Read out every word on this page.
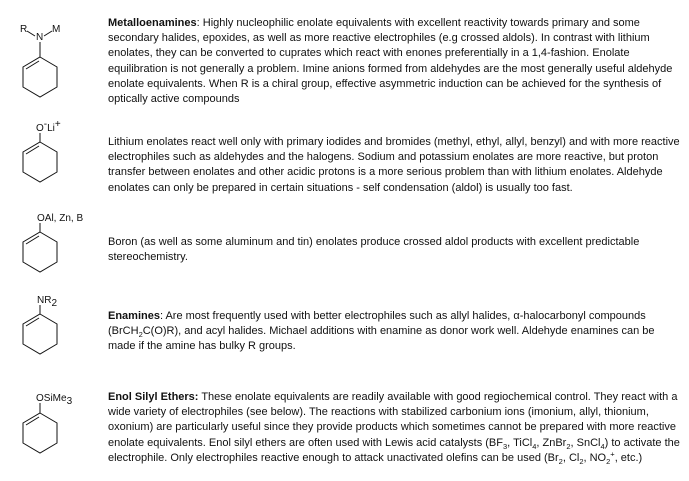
R
N
M

Metalloenamines: Highly nucleophilic enolate equivalents with excellent reactivity towards primary and some secondary halides, epoxides, as well as more reactive electrophiles (e.g crossed aldols). In contrast with lithium enolates, they can be converted to cuprates which react with enones preferentially in a 1,4-fashion. Enolate equilibration is not generally a problem. Imine anions formed from aldehydes are the most generally useful aldehyde enolate equivalents. When R is a chiral group, effective asymmetric induction can be achieved for the synthesis of optically active compounds

O-Li+

Lithium enolates react well only with primary iodides and bromides (methyl, ethyl, allyl, benzyl) and with more reactive electrophiles such as aldehydes and the halogens. Sodium and potassium enolates are more reactive, but proton transfer between enolates and other acidic protons is a more serious problem than with lithium enolates. Aldehyde enolates can only be prepared in certain situations - self condensation (aldol) is usually too fast.

OAl, Zn, B

Boron (as well as some aluminum and tin) enolates produce crossed aldol products with excellent predictable stereochemistry.

NR2

Enamines: Are most frequently used with better electrophiles such as allyl halides, α-halocarbonyl compounds (BrCH$_2$C(O)R), and acyl halides. Michael additions with enamine as donor work well. Aldehyde enamines can be made if the amine has bulky R groups.

OSiMe3	Enol Silyl Ethers: These enolate equivalents are readily available with good regiochemical control. They react with a wide variety of electrophiles (see below). The reactions with stabilized carbonium ions (imonium, allyl, thionium, oxonium) are particularly useful since they provide products which sometimes cannot be prepared with more reactive enolate equivalents. Enol silyl ethers are often used with Lewis acid catalysts ($BF_3$, TiCl$_4$, ZnBr$_2$, SnCl$_4$) to activate the electrophile. Only electrophiles reactive enough to attack unactivated olefins can be used ($Br_2$, $Cl_2$, $NO_2^+$, etc.)
